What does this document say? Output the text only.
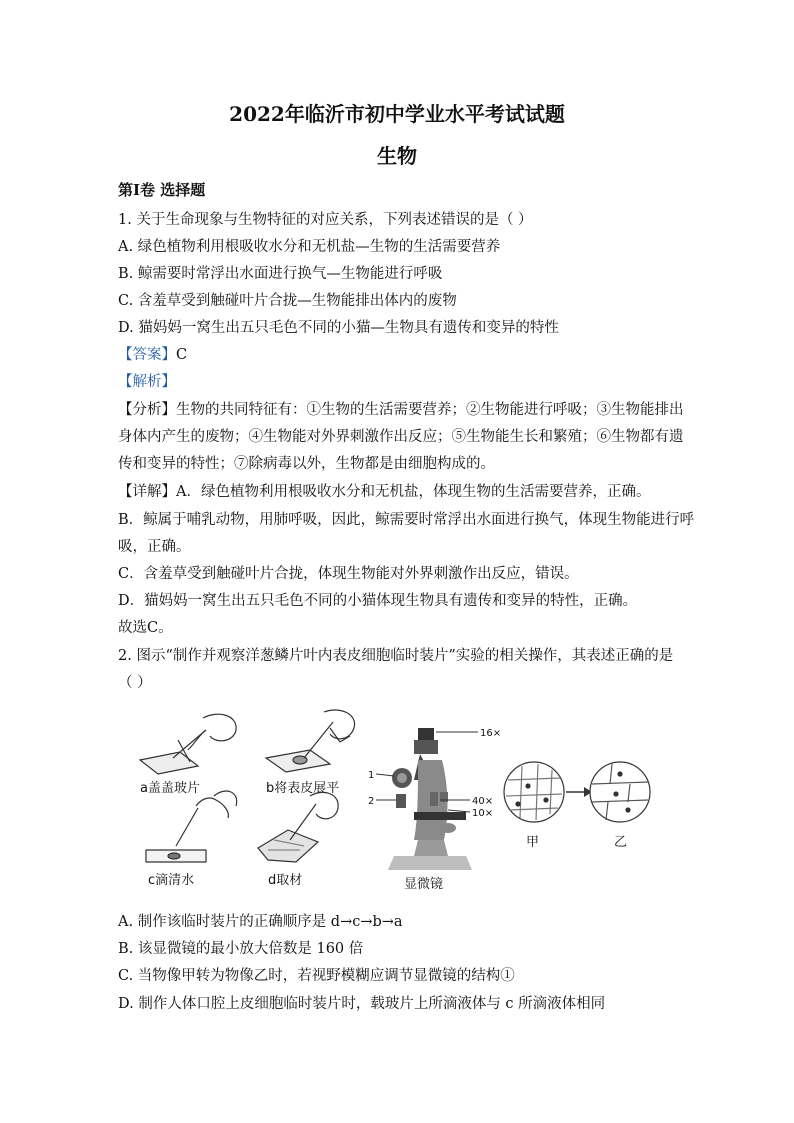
2022年临沂市初中学业水平考试试题
生物
第Ⅰ卷 选择题
1. 关于生命现象与生物特征的对应关系，下列表述错误的是（ ）
A. 绿色植物利用根吸收水分和无机盐—生物的生活需要营养
B. 鲸需要时常浮出水面进行换气—生物能进行呼吸
C. 含羞草受到触碰叶片合拢—生物能排出体内的废物
D. 猫妈妈一窝生出五只毛色不同的小猫—生物具有遗传和变异的特性
【答案】C
【解析】
【分析】生物的共同特征有：①生物的生活需要营养；②生物能进行呼吸；③生物能排出
身体内产生的废物；④生物能对外界刺激作出反应；⑤生物能生长和繁殖；⑥生物都有遗
传和变异的特性；⑦除病毒以外，生物都是由细胞构成的。
【详解】A．绿色植物利用根吸收水分和无机盐，体现生物的生活需要营养，正确。
B．鲸属于哺乳动物，用肺呼吸，因此，鲸需要时常浮出水面进行换气，体现生物能进行呼
吸，正确。
C．含羞草受到触碰叶片合拢，体现生物能对外界刺激作出反应，错误。
D．猫妈妈一窝生出五只毛色不同的小猫体现生物具有遗传和变异的特性，正确。
故选C。
2. 图示“制作并观察洋葱鳞片叶内表皮细胞临时装片”实验的相关操作，其表述正确的是
（ ）
a盖盖玻片	b将表皮展平
c滴清水	d取材
16×
1
2	40×
10×
显微镜
甲	乙
A. 制作该临时装片的正确顺序是 d→c→b→a
B. 该显微镜的最小放大倍数是 160 倍
C. 当物像甲转为物像乙时，若视野模糊应调节显微镜的结构①
D. 制作人体口腔上皮细胞临时装片时，载玻片上所滴液体与 c 所滴液体相同
